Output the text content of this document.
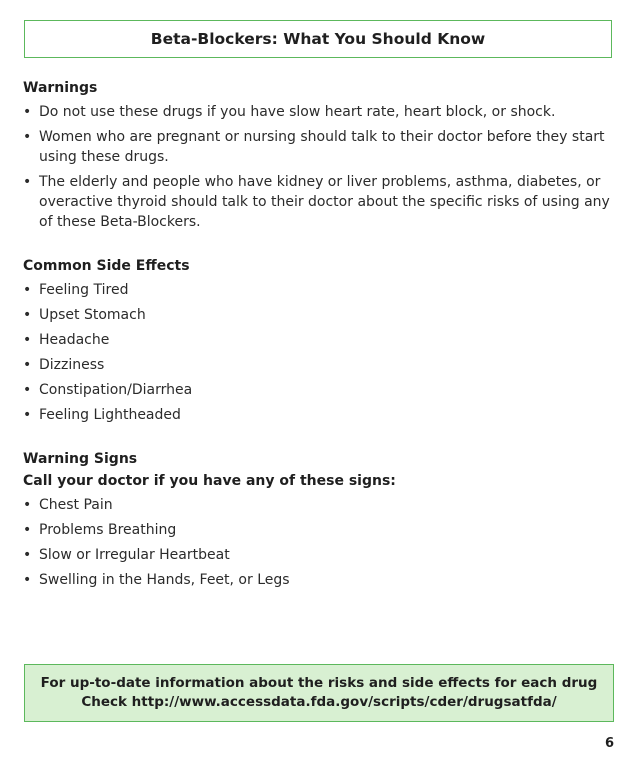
Beta-Blockers: What You Should Know

Warnings

• Do not use these drugs if you have slow heart rate, heart block, or shock.
• Women who are pregnant or nursing should talk to their doctor before they start using these drugs.
• The elderly and people who have kidney or liver problems, asthma, diabetes, or overactive thyroid should talk to their doctor about the specific risks of using any of these Beta-Blockers.

Common Side Effects

• Feeling Tired
• Upset Stomach
• Headache
• Dizziness
• Constipation/Diarrhea
• Feeling Lightheaded

Warning Signs

Call your doctor if you have any of these signs:

• Chest Pain
• Problems Breathing
• Slow or Irregular Heartbeat
• Swelling in the Hands, Feet, or Legs
For up-to-date information about the risks and side effects for each drug
Check http://www.accessdata.fda.gov/scripts/cder/drugsatfda/
6
